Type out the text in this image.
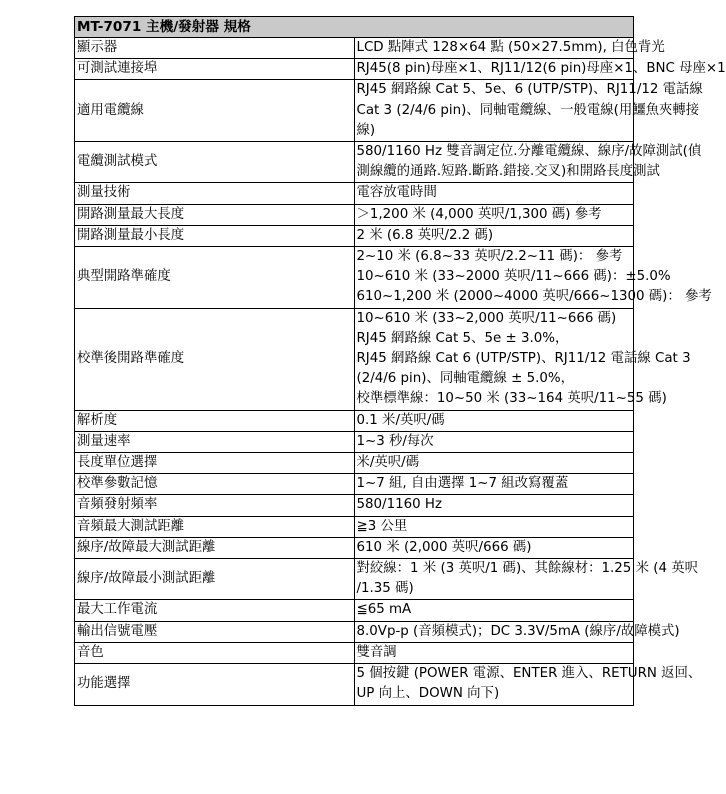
MT-7071 主機/發射器 規格	
顯示器	LCD 點陣式 128×64 點 (50×27.5mm), 白色背光

可測試連接埠	RJ45(8 pin)母座×1、RJ11/12(6 pin)母座×1、BNC 母座×1

適用電纜線	RJ45 網路線 Cat 5、5e、6 (UTP/STP)、RJ11/12 電話線
Cat 3 (2/4/6 pin)、同軸電纜線、一般電線(用鱷魚夾轉接
線)

電纜測試模式	580/1160 Hz 雙音調定位.分離電纜線、線序/故障測試(偵
測線纜的通路.短路.斷路.錯接.交叉)和開路長度測試

測量技術	電容放電時間

開路測量最大長度	＞1,200 米 (4,000 英呎/1,300 碼) 參考

開路測量最小長度	2 米 (6.8 英呎/2.2 碼)

典型開路準確度	2~10 米 (6.8~33 英呎/2.2~11 碼)： 參考
10~610 米 (33~2000 英呎/11~666 碼)：±5.0%
610~1,200 米 (2000~4000 英呎/666~1300 碼)： 參考

校準後開路準確度	10~610 米 (33~2,000 英呎/11~666 碼)
RJ45 網路線 Cat 5、5e ± 3.0%，
RJ45 網路線 Cat 6 (UTP/STP)、RJ11/12 電話線 Cat 3
(2/4/6 pin)、同軸電纜線 ± 5.0%，
校準標準線：10~50 米 (33~164 英呎/11~55 碼)

解析度	0.1 米/英呎/碼

測量速率	1~3 秒/每次

長度單位選擇	米/英呎/碼

校準參數記憶	1~7 組, 自由選擇 1~7 組改寫覆蓋

音頻發射頻率	580/1160 Hz

音頻最大測試距離	≧3 公里

線序/故障最大測試距離	610 米 (2,000 英呎/666 碼)

線序/故障最小測試距離	對絞線：1 米 (3 英呎/1 碼)、其餘線材：1.25 米 (4 英呎
/1.35 碼)

最大工作電流	≦65 mA

輸出信號電壓	8.0Vp-p (音頻模式)；DC 3.3V/5mA (線序/故障模式)

音色	雙音調

功能選擇	5 個按鍵 (POWER 電源、ENTER 進入、RETURN 返回、
UP 向上、DOWN 向下)
